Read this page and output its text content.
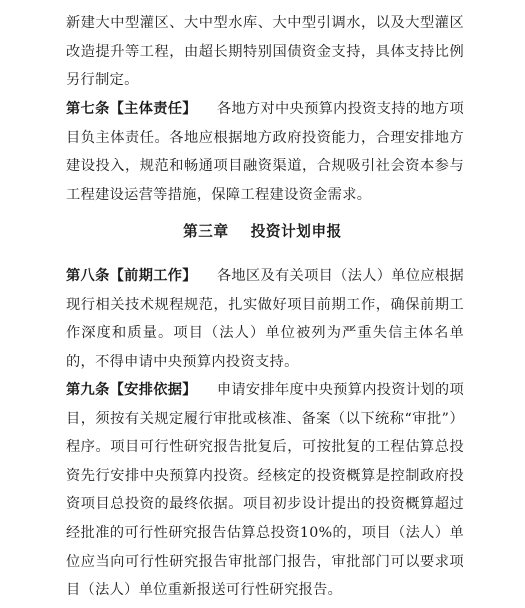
新建大中型灌区、大中型水库、大中型引调水，以及大型灌区改造提升等工程，由超长期特别国债资金支持，具体支持比例另行制定。

第七条【主体责任】 各地方对中央预算内投资支持的地方项目负主体责任。各地应根据地方政府投资能力，合理安排地方建设投入，规范和畅通项目融资渠道，合规吸引社会资本参与工程建设运营等措施，保障工程建设资金需求。

第三章 投资计划申报

第八条【前期工作】 各地区及有关项目（法人）单位应根据现行相关技术规程规范，扎实做好项目前期工作，确保前期工作深度和质量。项目（法人）单位被列为严重失信主体名单的，不得申请中央预算内投资支持。

第九条【安排依据】 申请安排年度中央预算内投资计划的项目，须按有关规定履行审批或核准、备案（以下统称“审批”）程序。项目可行性研究报告批复后，可按批复的工程估算总投资先行安排中央预算内投资。经核定的投资概算是控制政府投资项目总投资的最终依据。项目初步设计提出的投资概算超过经批准的可行性研究报告估算总投资10%的，项目（法人）单位应当向可行性研究报告审批部门报告，审批部门可以要求项目（法人）单位重新报送可行性研究报告。
